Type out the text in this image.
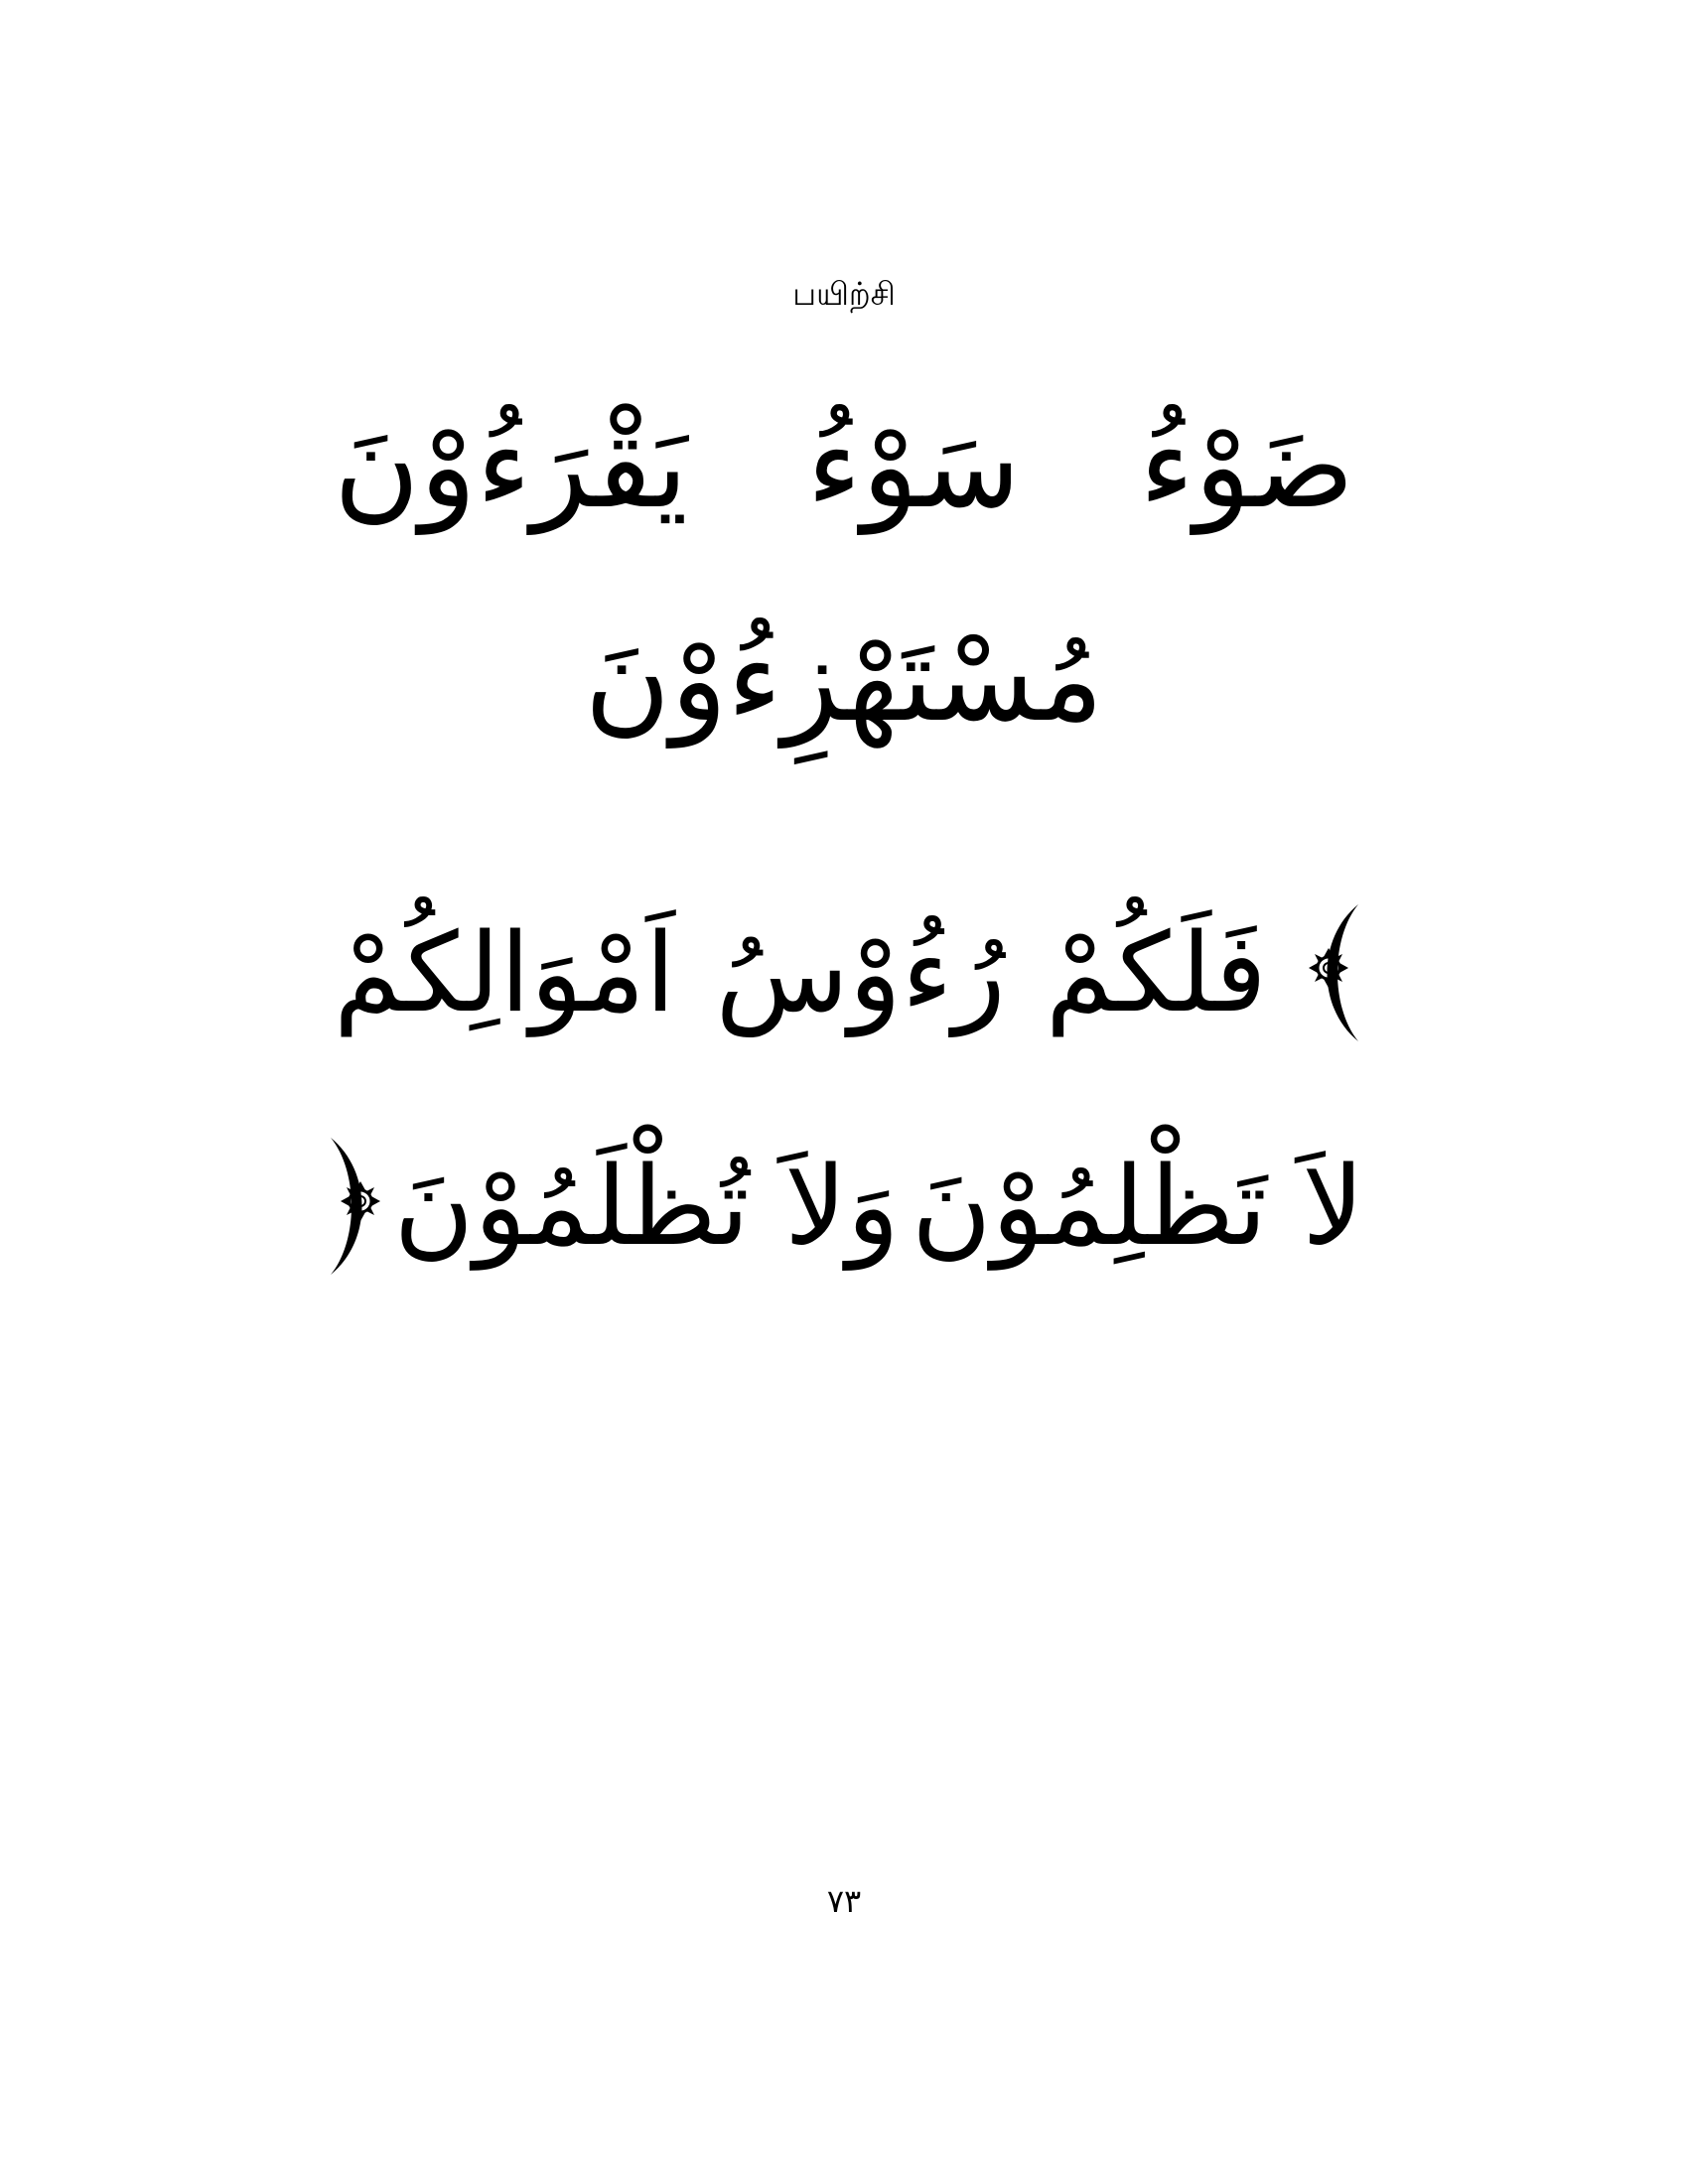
பயிற்சி
ضَوْءُ
سَوْءُ
يَقْرَءُوْنَ
مُسْتَهْزِءُوْنَ
فَلَكُمْ
رُءُوْسُ
اَمْوَالِكُمْ
لاَ تَظْلِمُوْنَ
وَلاَ تُظْلَمُوْنَ
٧٣
